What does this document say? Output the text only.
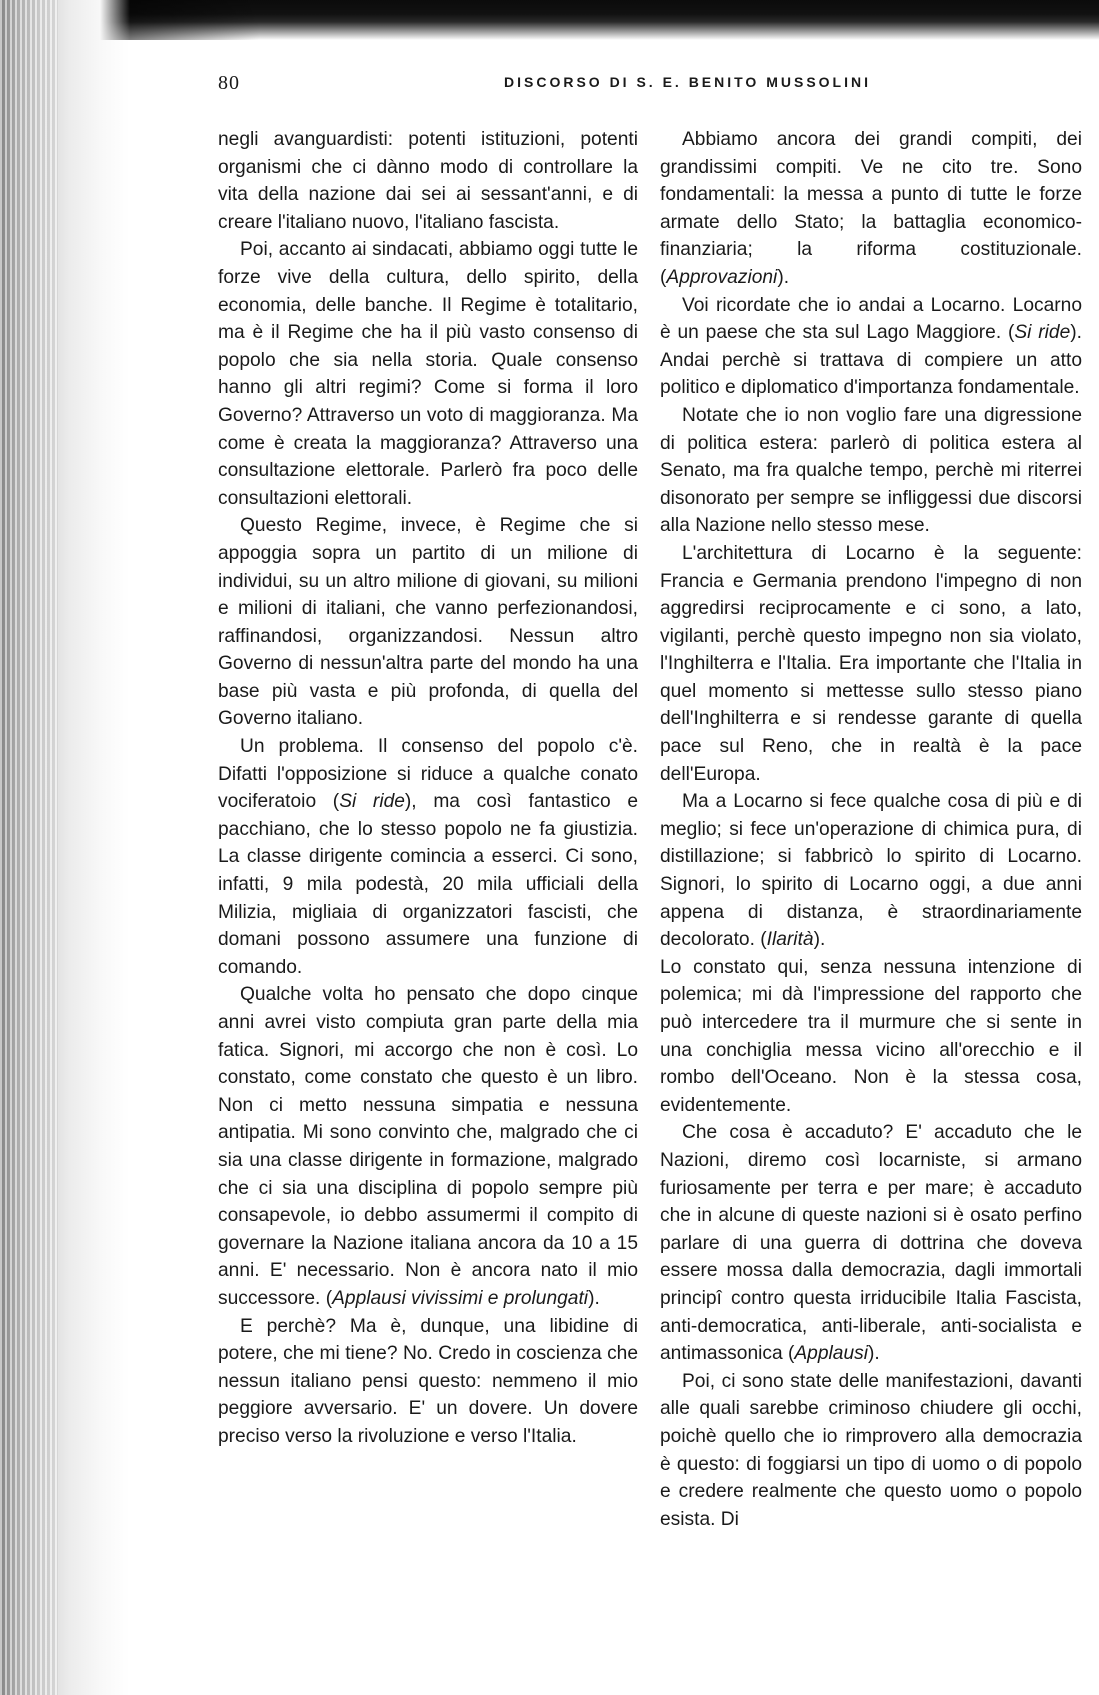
80	DISCORSO DI S. E. BENITO MUSSOLINI

negli avanguardisti: potenti istituzioni, potenti organismi che ci dànno modo di controllare la vita della nazione dai sei ai sessant'anni, e di creare l'italiano nuovo, l'italiano fascista.

Poi, accanto ai sindacati, abbiamo oggi tutte le forze vive della cultura, dello spirito, della economia, delle banche. Il Regime è totalitario, ma è il Regime che ha il più vasto consenso di popolo che sia nella storia. Quale consenso hanno gli altri regimi? Come si forma il loro Governo? Attraverso un voto di maggioranza. Ma come è creata la maggioranza? Attraverso una consultazione elettorale. Parlerò fra poco delle consultazioni elettorali.

Questo Regime, invece, è Regime che si appoggia sopra un partito di un milione di individui, su un altro milione di giovani, su milioni e milioni di italiani, che vanno perfezionandosi, raffinandosi, organizzandosi. Nessun altro Governo di nessun'altra parte del mondo ha una base più vasta e più profonda, di quella del Governo italiano.

Un problema. Il consenso del popolo c'è. Difatti l'opposizione si riduce a qualche conato vociferatoio (Si ride), ma così fantastico e pacchiano, che lo stesso popolo ne fa giustizia. La classe dirigente comincia a esserci. Ci sono, infatti, 9 mila podestà, 20 mila ufficiali della Milizia, migliaia di organizzatori fascisti, che domani possono assumere una funzione di comando.

Qualche volta ho pensato che dopo cinque anni avrei visto compiuta gran parte della mia fatica. Signori, mi accorgo che non è così. Lo constato, come constato che questo è un libro. Non ci metto nessuna simpatia e nessuna antipatia. Mi sono convinto che, malgrado che ci sia una classe dirigente in formazione, malgrado che ci sia una disciplina di popolo sempre più consapevole, io debbo assumermi il compito di governare la Nazione italiana ancora da 10 a 15 anni. E' necessario. Non è ancora nato il mio successore. (Applausi vivissimi e prolungati).

E perchè? Ma è, dunque, una libidine di potere, che mi tiene? No. Credo in coscienza che nessun italiano pensi questo: nemmeno il mio peggiore avversario. E' un dovere. Un dovere preciso verso la rivoluzione e verso l'Italia.

Abbiamo ancora dei grandi compiti, dei grandissimi compiti. Ve ne cito tre. Sono fondamentali: la messa a punto di tutte le forze armate dello Stato; la battaglia economico-finanziaria; la riforma costituzionale. (Approvazioni).

Voi ricordate che io andai a Locarno. Locarno è un paese che sta sul Lago Maggiore. (Si ride). Andai perchè si trattava di compiere un atto politico e diplomatico d'importanza fondamentale.

Notate che io non voglio fare una digressione di politica estera: parlerò di politica estera al Senato, ma fra qualche tempo, perchè mi riterrei disonorato per sempre se infliggessi due discorsi alla Nazione nello stesso mese.

L'architettura di Locarno è la seguente: Francia e Germania prendono l'impegno di non aggredirsi reciprocamente e ci sono, a lato, vigilanti, perchè questo impegno non sia violato, l'Inghilterra e l'Italia. Era importante che l'Italia in quel momento si mettesse sullo stesso piano dell'Inghilterra e si rendesse garante di quella pace sul Reno, che in realtà è la pace dell'Europa.

Ma a Locarno si fece qualche cosa di più e di meglio; si fece un'operazione di chimica pura, di distillazione; si fabbricò lo spirito di Locarno. Signori, lo spirito di Locarno oggi, a due anni appena di distanza, è straordinariamente decolorato. (Ilarità).

Lo constato qui, senza nessuna intenzione di polemica; mi dà l'impressione del rapporto che può intercedere tra il murmure che si sente in una conchiglia messa vicino all'orecchio e il rombo dell'Oceano. Non è la stessa cosa, evidentemente.

Che cosa è accaduto? E' accaduto che le Nazioni, diremo così locarniste, si armano furiosamente per terra e per mare; è accaduto che in alcune di queste nazioni si è osato perfino parlare di una guerra di dottrina che doveva essere mossa dalla democrazia, dagli immortali principî contro questa irriducibile Italia Fascista, anti-democratica, anti-liberale, anti-socialista e antimassonica (Applausi).

Poi, ci sono state delle manifestazioni, davanti alle quali sarebbe criminoso chiudere gli occhi, poichè quello che io rimprovero alla democrazia è questo: di foggiarsi un tipo di uomo o di popolo e credere realmente che questo uomo o popolo esista. Di
